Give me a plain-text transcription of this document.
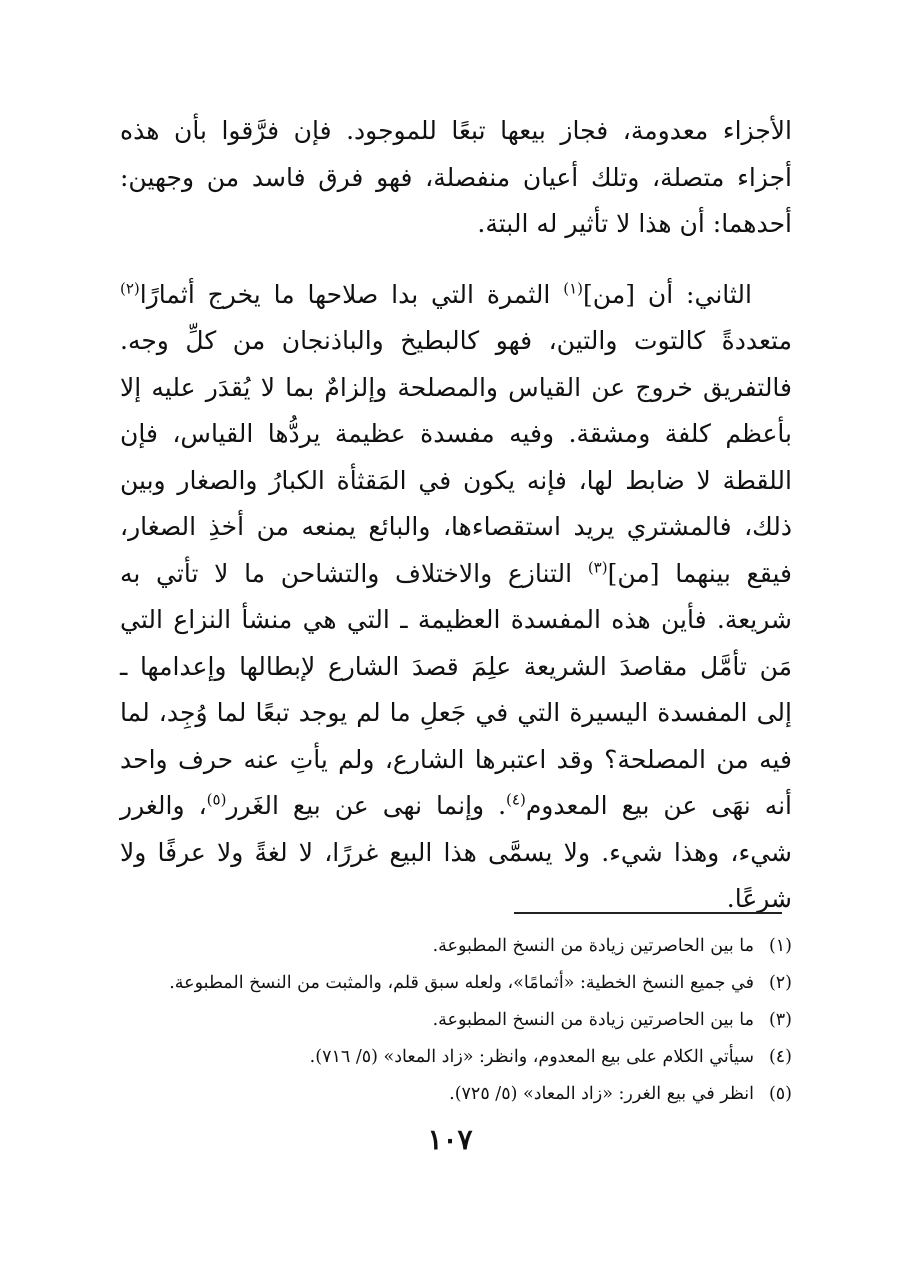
الأجزاء معدومة، فجاز بيعها تبعًا للموجود. فإن فرَّقوا بأن هذه أجزاء متصلة، وتلك أعيان منفصلة، فهو فرق فاسد من وجهين: أحدهما: أن هذا لا تأثير له البتة.

الثاني: أن [من]$^{(١)}$ الثمرة التي بدا صلاحها ما يخرج أثمارًا$^{(٢)}$ متعددةً كالتوت والتين، فهو كالبطيخ والباذنجان من كلِّ وجه. فالتفريق خروج عن القياس والمصلحة وإلزامٌ بما لا يُقدَر عليه إلا بأعظم كلفة ومشقة. وفيه مفسدة عظيمة يردُّها القياس، فإن اللقطة لا ضابط لها، فإنه يكون في المَقثأة الكبارُ والصغار وبين ذلك، فالمشتري يريد استقصاءها، والبائع يمنعه من أخذِ الصغار، فيقع بينهما [من]$^{(٣)}$ التنازع والاختلاف والتشاحن ما لا تأتي به شريعة. فأين هذه المفسدة العظيمة ـ التي هي منشأ النزاع التي مَن تأمَّل مقاصدَ الشريعة علِمَ قصدَ الشارع لإبطالها وإعدامها ـ إلى المفسدة اليسيرة التي في جَعلِ ما لم يوجد تبعًا لما وُجِد، لما فيه من المصلحة؟ وقد اعتبرها الشارع، ولم يأتِ عنه حرف واحد أنه نهَى عن بيع المعدوم$^{(٤)}$. وإنما نهى عن بيع الغَرر$^{(٥)}$، والغرر شيء، وهذا شيء. ولا يسمَّى هذا البيع غررًا، لا لغةً ولا عرفًا ولا شرعًا.

(١)
ما بين الحاصرتين زيادة من النسخ المطبوعة.
(٢)
في جميع النسخ الخطية: «أثمامًا»، ولعله سبق قلم، والمثبت من النسخ المطبوعة.
(٣)
ما بين الحاصرتين زيادة من النسخ المطبوعة.
(٤)
سيأتي الكلام على بيع المعدوم، وانظر: «زاد المعاد» (٥/ ٧١٦).
(٥)
انظر في بيع الغرر: «زاد المعاد» (٥/ ٧٢٥).
١٠٧
